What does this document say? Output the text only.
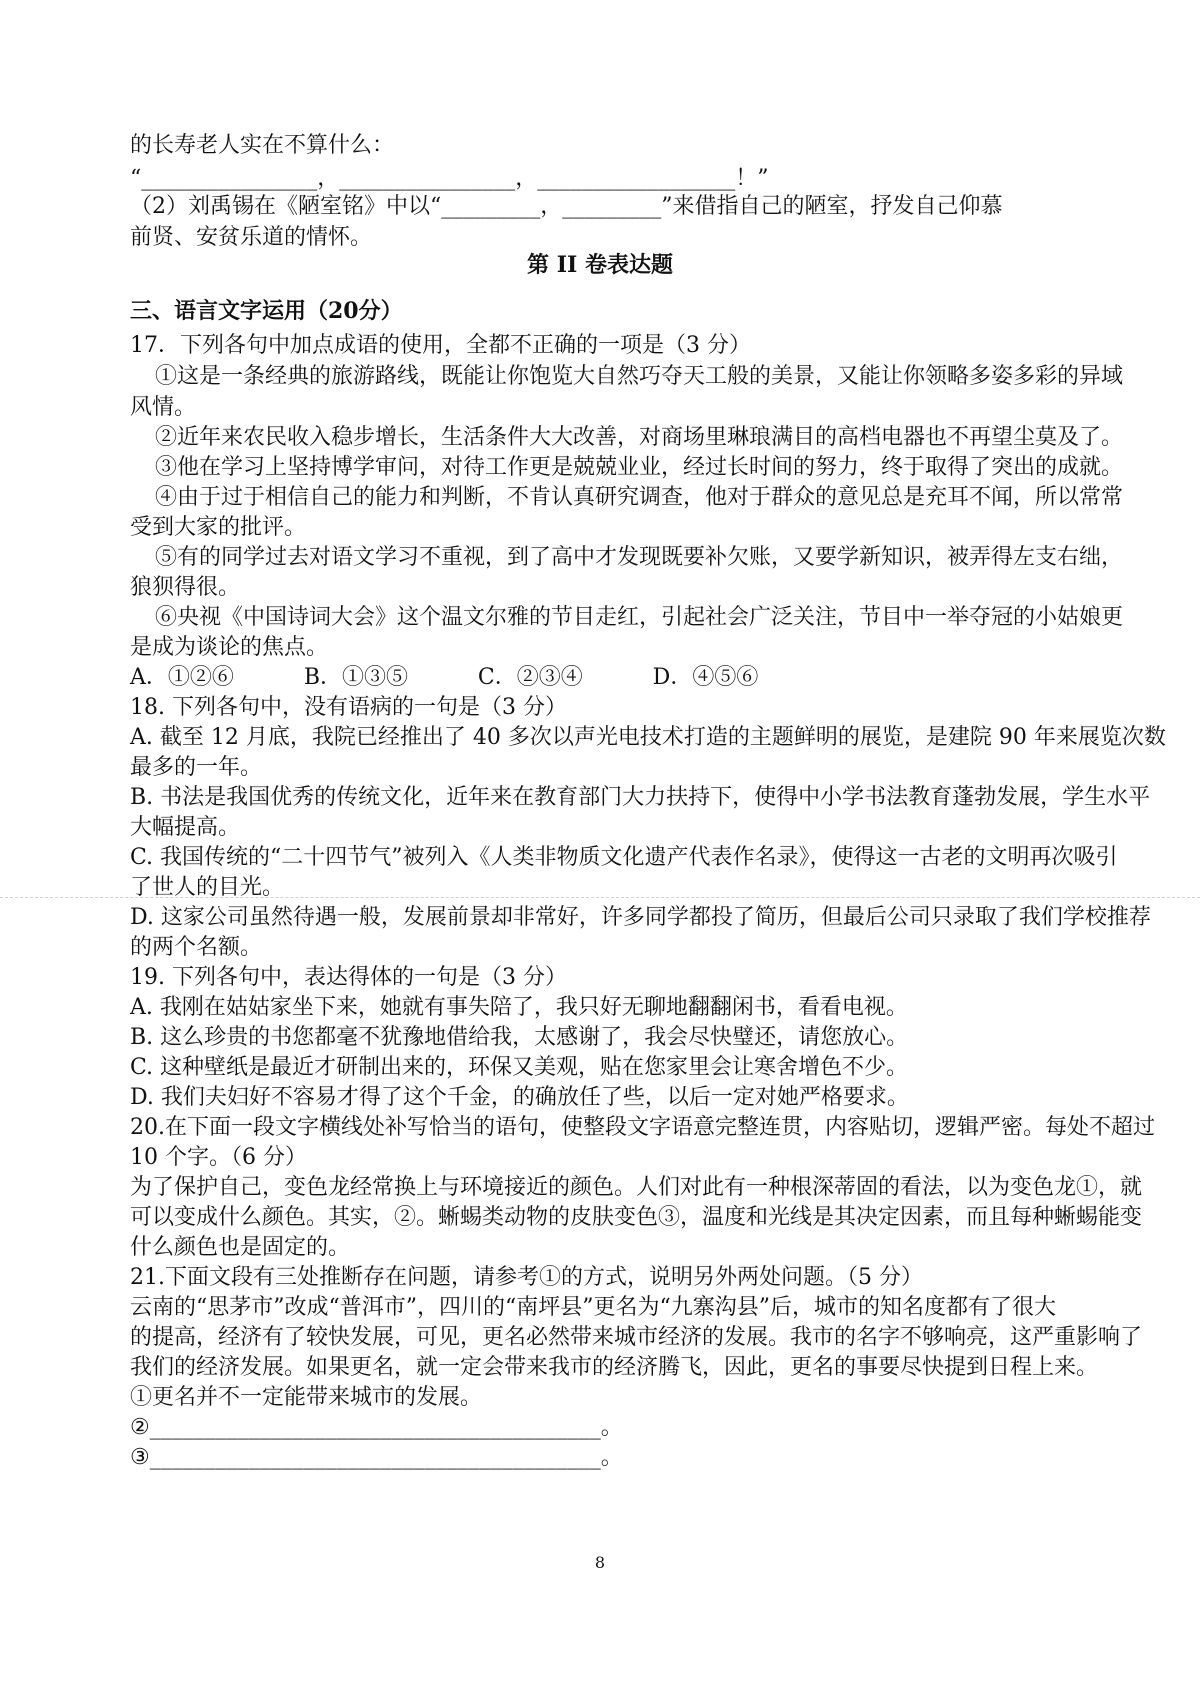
的长寿老人实在不算什么：
“________________，________________，__________________！”
（2）刘禹锡在《陋室铭》中以“_________，_________”来借指自己的陋室，抒发自己仰慕
前贤、安贫乐道的情怀。
第 II 卷表达题
三、语言文字运用（20分）
17．下列各句中加点成语的使用，全都不正确的一项是（3 分）
①这是一条经典的旅游路线，既能让你饱览大自然巧夺天工般的美景，又能让你领略多姿多彩的异域
风情。
②近年来农民收入稳步增长，生活条件大大改善，对商场里琳琅满目的高档电器也不再望尘莫及了。
③他在学习上坚持博学审问，对待工作更是兢兢业业，经过长时间的努力，终于取得了突出的成就。
④由于过于相信自己的能力和判断，不肯认真研究调查，他对于群众的意见总是充耳不闻，所以常常
受到大家的批评。
⑤有的同学过去对语文学习不重视，到了高中才发现既要补欠账，又要学新知识，被弄得左支右绌，
狼狈得很。
⑥央视《中国诗词大会》这个温文尔雅的节目走红，引起社会广泛关注，节目中一举夺冠的小姑娘更
是成为谈论的焦点。
A．①②⑥          B．①③⑤          C．②③④          D．④⑤⑥
18. 下列各句中，没有语病的一句是（3 分）
A. 截至 12 月底，我院已经推出了 40 多次以声光电技术打造的主题鲜明的展览，是建院 90 年来展览次数
最多的一年。
B. 书法是我国优秀的传统文化，近年来在教育部门大力扶持下，使得中小学书法教育蓬勃发展，学生水平
大幅提高。
C. 我国传统的“二十四节气”被列入《人类非物质文化遗产代表作名录》，使得这一古老的文明再次吸引
了世人的目光。
D. 这家公司虽然待遇一般，发展前景却非常好，许多同学都投了简历，但最后公司只录取了我们学校推荐
的两个名额。
19. 下列各句中，表达得体的一句是（3 分）
A. 我刚在姑姑家坐下来，她就有事失陪了，我只好无聊地翻翻闲书，看看电视。
B. 这么珍贵的书您都毫不犹豫地借给我，太感谢了，我会尽快璧还，请您放心。
C. 这种壁纸是最近才研制出来的，环保又美观，贴在您家里会让寒舍增色不少。
D. 我们夫妇好不容易才得了这个千金，的确放任了些，以后一定对她严格要求。
20.在下面一段文字横线处补写恰当的语句，使整段文字语意完整连贯，内容贴切，逻辑严密。每处不超过
10 个字。（6 分）
为了保护自己，变色龙经常换上与环境接近的颜色。人们对此有一种根深蒂固的看法，以为变色龙①，就
可以变成什么颜色。其实，②。蜥蜴类动物的皮肤变色③，温度和光线是其决定因素，而且每种蜥蜴能变
什么颜色也是固定的。
21.下面文段有三处推断存在问题，请参考①的方式，说明另外两处问题。（5 分）
云南的“思茅市”改成“普洱市”，四川的“南坪县”更名为“九寨沟县”后，城市的知名度都有了很大
的提高，经济有了较快发展，可见，更名必然带来城市经济的发展。我市的名字不够响亮，这严重影响了
我们的经济发展。如果更名，就一定会带来我市的经济腾飞，因此，更名的事要尽快提到日程上来。
①更名并不一定能带来城市的发展。
②_________________________________________。
③_________________________________________。
8
